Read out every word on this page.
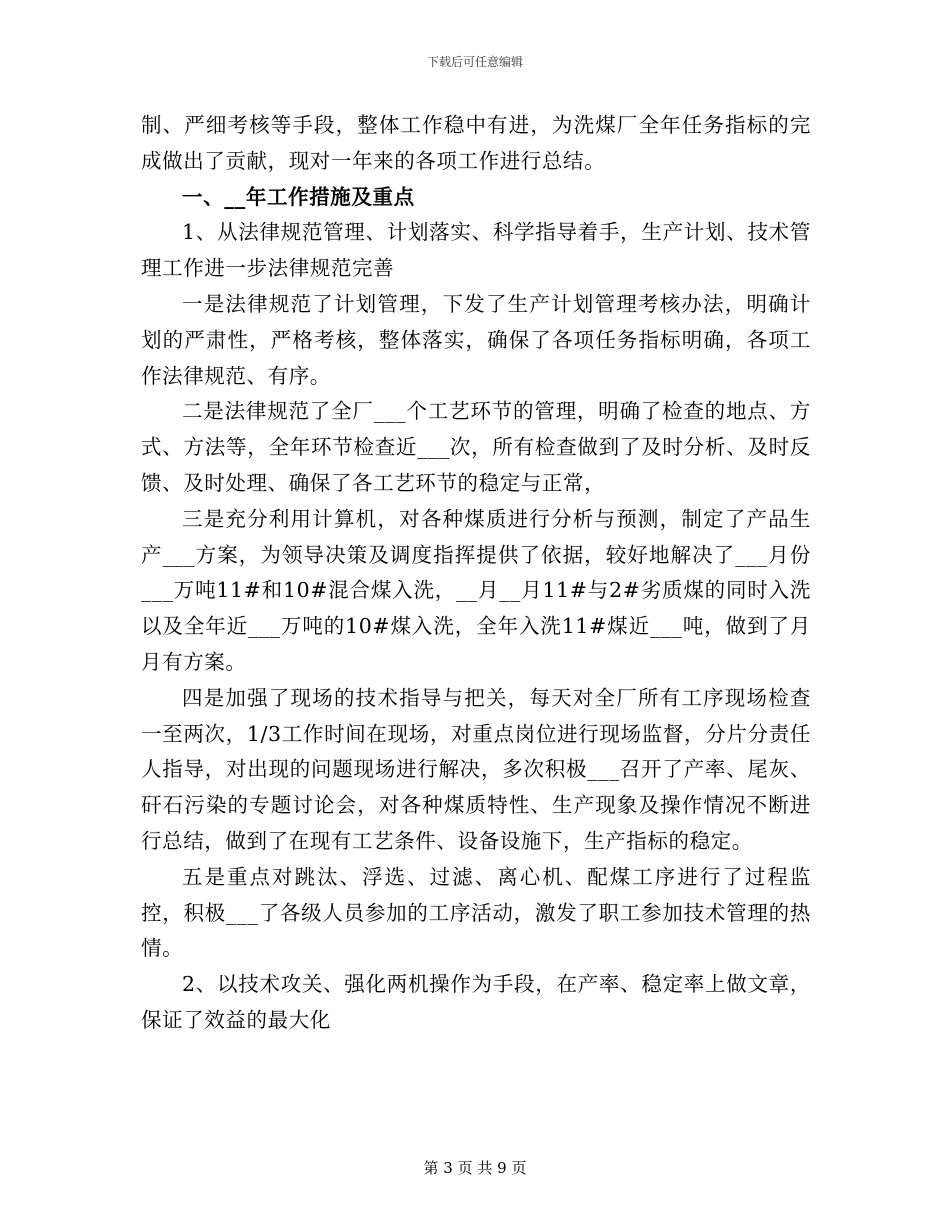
下载后可任意编辑

制、严细考核等手段，整体工作稳中有进，为洗煤厂全年任务指标的完成做出了贡献，现对一年来的各项工作进行总结。

一、__年工作措施及重点

1、从法律规范管理、计划落实、科学指导着手，生产计划、技术管理工作进一步法律规范完善

一是法律规范了计划管理，下发了生产计划管理考核办法，明确计划的严肃性，严格考核，整体落实，确保了各项任务指标明确，各项工作法律规范、有序。

二是法律规范了全厂___个工艺环节的管理，明确了检查的地点、方式、方法等，全年环节检查近___次，所有检查做到了及时分析、及时反馈、及时处理、确保了各工艺环节的稳定与正常，

三是充分利用计算机，对各种煤质进行分析与预测，制定了产品生产___方案，为领导决策及调度指挥提供了依据，较好地解决了___月份___万吨11#和10#混合煤入洗，__月__月11#与2#劣质煤的同时入洗以及全年近___万吨的10#煤入洗，全年入洗11#煤近___吨，做到了月月有方案。

四是加强了现场的技术指导与把关，每天对全厂所有工序现场检查一至两次，1/3工作时间在现场，对重点岗位进行现场监督，分片分责任人指导，对出现的问题现场进行解决，多次积极___召开了产率、尾灰、矸石污染的专题讨论会，对各种煤质特性、生产现象及操作情况不断进行总结，做到了在现有工艺条件、设备设施下，生产指标的稳定。

五是重点对跳汰、浮选、过滤、离心机、配煤工序进行了过程监控，积极___了各级人员参加的工序活动，激发了职工参加技术管理的热情。

2、以技术攻关、强化两机操作为手段，在产率、稳定率上做文章，保证了效益的最大化

第 3 页 共 9 页
